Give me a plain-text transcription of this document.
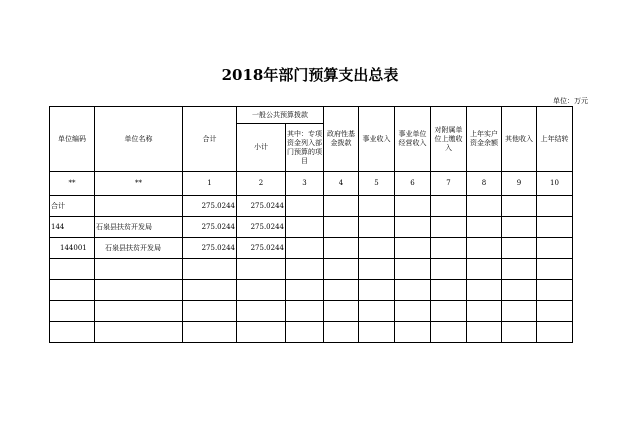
2018年部门预算支出总表
单位：万元
单位编码	单位名称	合计	一般公共预算拨款		政府性基金拨款	事业收入	事业单位经营收入	对附属单位上缴收入	上年实户资金余额	其他收入	上年结转
			小计	其中：专项资金列入部门预算的项目							
**	**	1	2	3	4	5	6	7	8	9	10
合计		275.0244	275.0244								
144	石泉县扶贫开发局	275.0244	275.0244								
144001	石泉县扶贫开发局	275.0244	275.0244								
